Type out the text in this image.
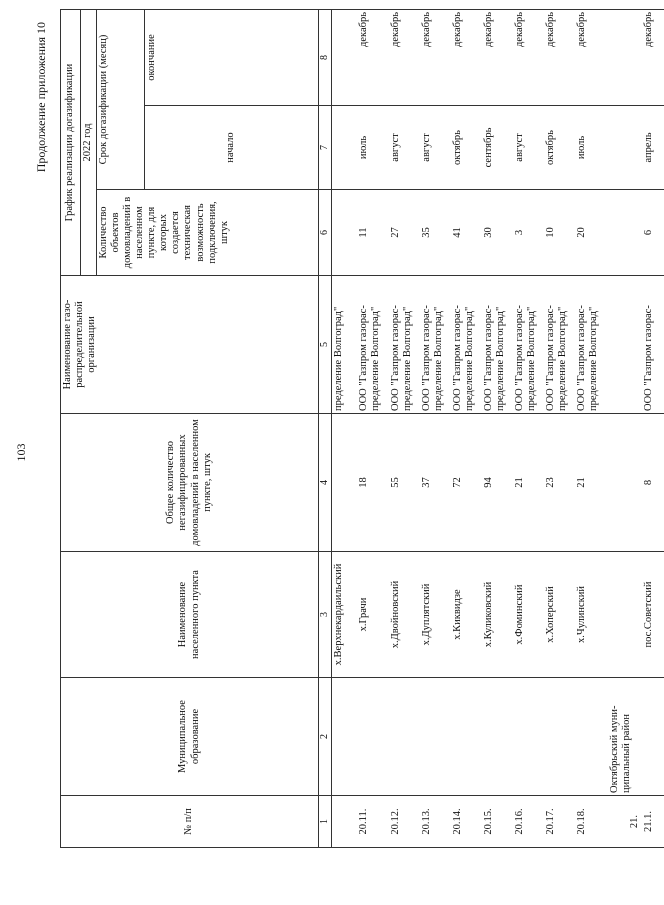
103
Продолжение приложения 10
№ п/п	Муниципальное образование	Наименование населенного пункта	Общее количество негазифицированных домовладений в населенном пункте, штук	Наименование газо-распределительной организации	График реализации догазификации		
					2022 год		
					Количество объектов домовладений в населенном пункте, для которых создается техническая возможность подключения, штук	Срок догазификации (месяц)	
						начало	окончание
1	2	3	4	5	6	7	8
		х.Верхнекардаильский		пределение Волгоград"			
20.11.		х.Грачи	18	ООО "Газпром газорас-пределение Волгоград"	11	июль	декабрь
20.12.		х.Двойновский	55	ООО "Газпром газорас-пределение Волгоград"	27	август	декабрь
20.13.		х.Дуплятский	37	ООО "Газпром газорас-пределение Волгоград"	35	август	декабрь
20.14.		х.Киквидзе	72	ООО "Газпром газорас-пределение Волгоград"	41	октябрь	декабрь
20.15.		х.Куликовский	94	ООО "Газпром газорас-пределение Волгоград"	30	сентябрь	декабрь
20.16.		х.Фоминский	21	ООО "Газпром газорас-пределение Волгоград"	3	август	декабрь
20.17.		х.Хоперский	23	ООО "Газпром газорас-пределение Волгоград"	10	октябрь	декабрь
20.18.		х.Чулинский	21	ООО "Газпром газорас-пределение Волгоград"	20	июль	декабрь
21.	Октябрьский муни-ципальный район						
21.1.		пос.Советский	8	ООО "Газпром газорас-	6	апрель	декабрь
